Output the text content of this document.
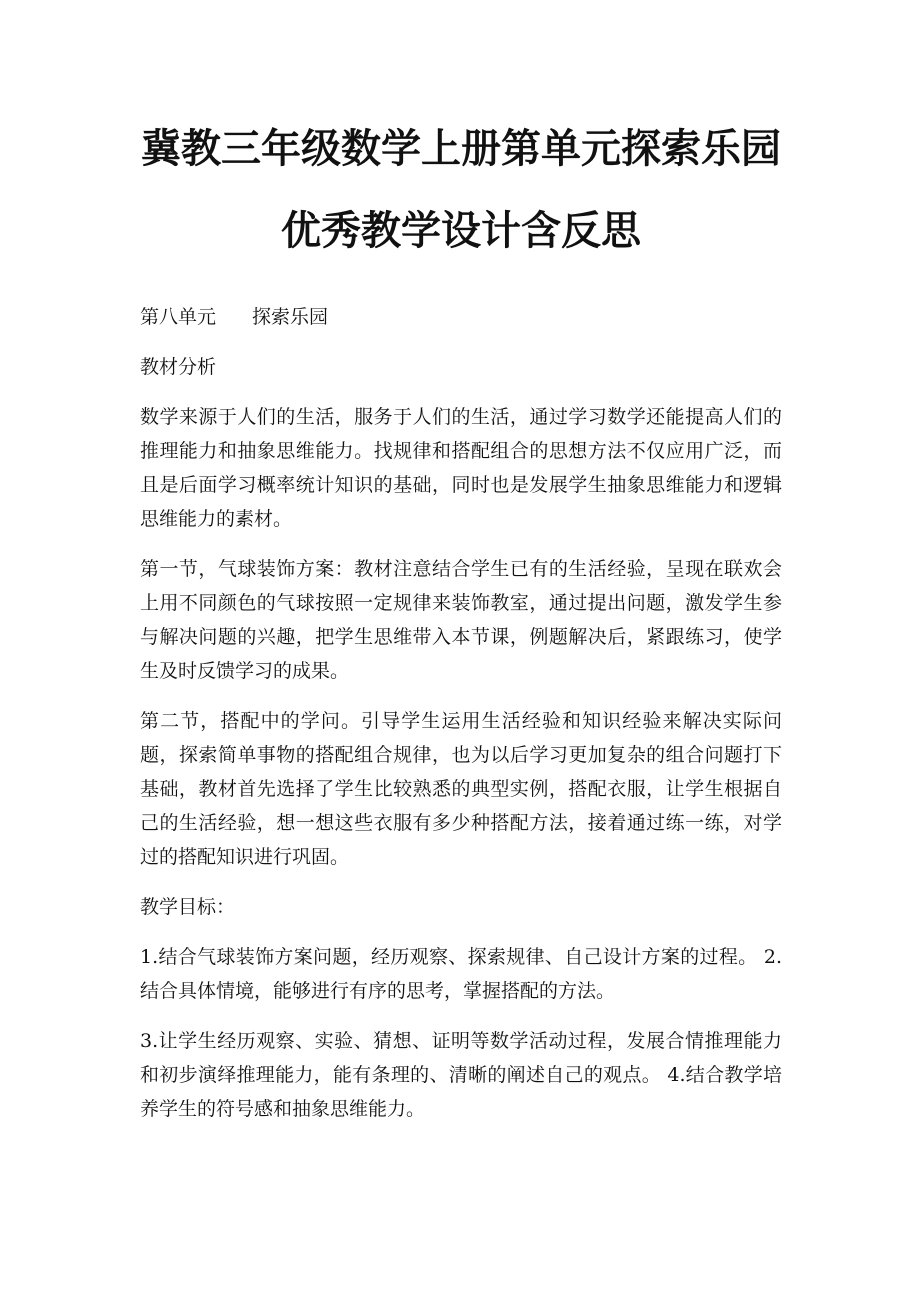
冀教三年级数学上册第单元探索乐园
优秀教学设计含反思

第八单元 探索乐园

教材分析

数学来源于人们的生活，服务于人们的生活，通过学习数学还能提高人们的推理能力和抽象思维能力。找规律和搭配组合的思想方法不仅应用广泛，而且是后面学习概率统计知识的基础，同时也是发展学生抽象思维能力和逻辑思维能力的素材。

第一节，气球装饰方案：教材注意结合学生已有的生活经验，呈现在联欢会上用不同颜色的气球按照一定规律来装饰教室，通过提出问题，激发学生参与解决问题的兴趣，把学生思维带入本节课，例题解决后，紧跟练习，使学生及时反馈学习的成果。

第二节，搭配中的学问。引导学生运用生活经验和知识经验来解决实际问题，探索简单事物的搭配组合规律，也为以后学习更加复杂的组合问题打下基础，教材首先选择了学生比较熟悉的典型实例，搭配衣服，让学生根据自己的生活经验，想一想这些衣服有多少种搭配方法，接着通过练一练，对学过的搭配知识进行巩固。

教学目标：

1.结合气球装饰方案问题，经历观察、探索规律、自己设计方案的过程。 2.结合具体情境，能够进行有序的思考，掌握搭配的方法。

3.让学生经历观察、实验、猜想、证明等数学活动过程，发展合情推理能力和初步演绎推理能力，能有条理的、清晰的阐述自己的观点。 4.结合教学培养学生的符号感和抽象思维能力。
